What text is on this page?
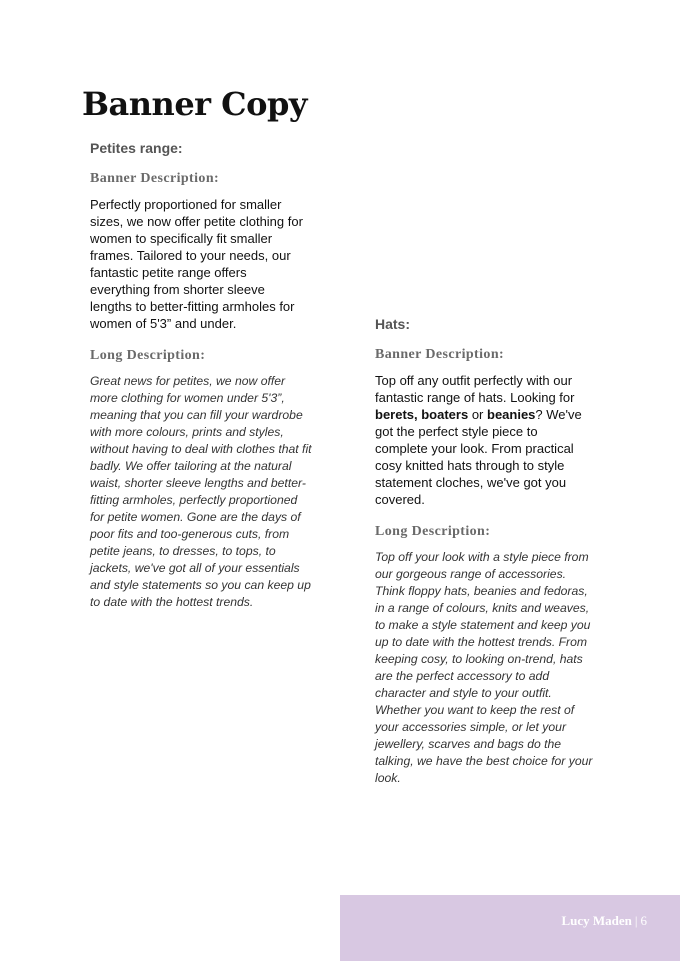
Banner Copy

Petites range:

Banner Description:

Perfectly proportioned for smaller sizes, we now offer petite clothing for women to specifically fit smaller frames. Tailored to your needs, our fantastic petite range offers everything from shorter sleeve lengths to better-fitting armholes for women of 5'3” and under.

Long Description:

Great news for petites, we now offer more clothing for women under 5'3”, meaning that you can fill your wardrobe with more colours, prints and styles, without having to deal with clothes that fit badly. We offer tailoring at the natural waist, shorter sleeve lengths and better-fitting armholes, perfectly proportioned for petite women. Gone are the days of poor fits and too-generous cuts, from petite jeans, to dresses, to tops, to jackets, we've got all of your essentials and style statements so you can keep up to date with the hottest trends.

Hats:

Banner Description:

Top off any outfit perfectly with our fantastic range of hats. Looking for berets, boaters or beanies? We've got the perfect style piece to complete your look. From practical cosy knitted hats through to style statement cloches, we've got you covered.

Long Description:

Top off your look with a style piece from our gorgeous range of accessories. Think floppy hats, beanies and fedoras, in a range of colours, knits and weaves, to make a style statement and keep you up to date with the hottest trends. From keeping cosy, to looking on-trend, hats are the perfect accessory to add character and style to your outfit. Whether you want to keep the rest of your accessories simple, or let your jewellery, scarves and bags do the talking, we have the best choice for your look.

Lucy Maden | 6
